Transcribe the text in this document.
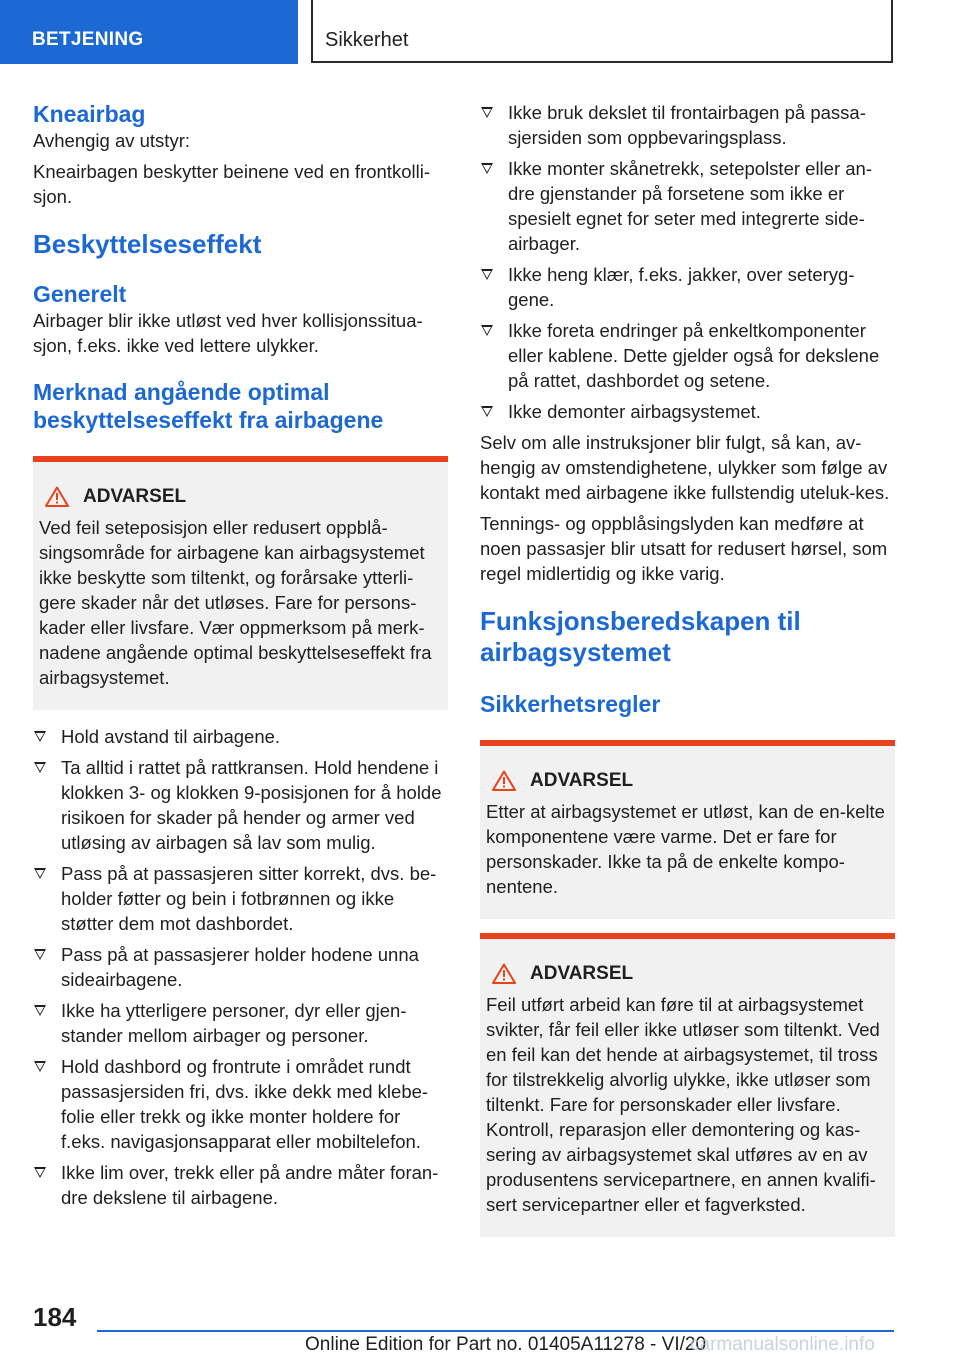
BETJENING	Sikkerhet
Kneairbag

Avhengig av utstyr:

Kneairbagen beskytter beinene ved en frontkolli-sjon.

Beskyttelseseffekt
Generelt

Airbager blir ikke utløst ved hver kollisjonssitua-sjon, f.eks. ikke ved lettere ulykker.

Merknad angående optimal beskyttelseseffekt fra airbagene
ADVARSEL

Ved feil seteposisjon eller redusert oppblå-singsområde for airbagene kan airbagsystemet ikke beskytte som tiltenkt, og forårsake ytterli-gere skader når det utløses. Fare for persons-kader eller livsfare. Vær oppmerksom på merk-nadene angående optimal beskyttelseseffekt fra airbagsystemet.

Hold avstand til airbagene.
Ta alltid i rattet på rattkransen. Hold hendene i klokken 3- og klokken 9-posisjonen for å holde risikoen for skader på hender og armer ved utløsing av airbagen så lav som mulig.
Pass på at passasjeren sitter korrekt, dvs. be-holder føtter og bein i fotbrønnen og ikke støtter dem mot dashbordet.
Pass på at passasjerer holder hodene unna sideairbagene.
Ikke ha ytterligere personer, dyr eller gjen-stander mellom airbager og personer.
Hold dashbord og frontrute i området rundt passasjersiden fri, dvs. ikke dekk med klebe-folie eller trekk og ikke monter holdere for f.eks. navigasjonsapparat eller mobiltelefon.
Ikke lim over, trekk eller på andre måter foran-dre dekslene til airbagene.
Ikke bruk dekslet til frontairbagen på passa-sjersiden som oppbevaringsplass.
Ikke monter skånetrekk, setepolster eller an-dre gjenstander på forsetene som ikke er spesielt egnet for seter med integrerte side-airbager.
Ikke heng klær, f.eks. jakker, over seteryg-gene.
Ikke foreta endringer på enkeltkomponenter eller kablene. Dette gjelder også for dekslene på rattet, dashbordet og setene.
Ikke demonter airbagsystemet.

Selv om alle instruksjoner blir fulgt, så kan, av-hengig av omstendighetene, ulykker som følge av kontakt med airbagene ikke fullstendig uteluk-kes.

Tennings- og oppblåsingslyden kan medføre at noen passasjer blir utsatt for redusert hørsel, som regel midlertidig og ikke varig.

Funksjonsberedskapen til airbagsystemet
Sikkerhetsregler
ADVARSEL

Etter at airbagsystemet er utløst, kan de en-kelte komponentene være varme. Det er fare for personskader. Ikke ta på de enkelte kompo-nentene.

ADVARSEL

Feil utført arbeid kan føre til at airbagsystemet svikter, får feil eller ikke utløser som tiltenkt. Ved en feil kan det hende at airbagsystemet, til tross for tilstrekkelig alvorlig ulykke, ikke utløser som tiltenkt. Fare for personskader eller livsfare. Kontroll, reparasjon eller demontering og kas-sering av airbagsystemet skal utføres av en av produsentens servicepartnere, en annen kvalifi-sert servicepartner eller et fagverksted.

184
Online Edition for Part no. 01405A11278 - VI/20
carmanualsonline.info
